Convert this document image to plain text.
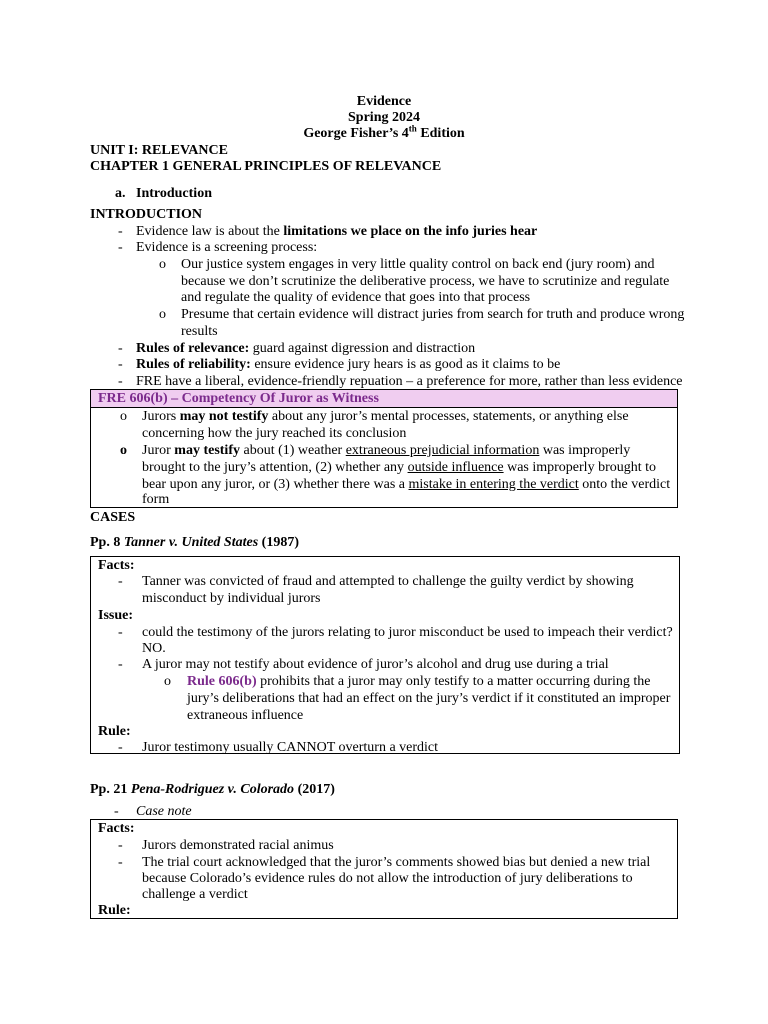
Evidence
Spring 2024
George Fisher’s 4th Edition
UNIT I: RELEVANCE
CHAPTER 1 GENERAL PRINCIPLES OF RELEVANCE
a. Introduction
INTRODUCTION
- Evidence law is about the limitations we place on the info juries hear
- Evidence is a screening process:
o Our justice system engages in very little quality control on back end (jury room) and
because we don’t scrutinize the deliberative process, we have to scrutinize and regulate
and regulate the quality of evidence that goes into that process
o Presume that certain evidence will distract juries from search for truth and produce wrong
results
- Rules of relevance: guard against digression and distraction
- Rules of reliability: ensure evidence jury hears is as good as it claims to be
- FRE have a liberal, evidence-friendly repuation – a preference for more, rather than less evidence
FRE 606(b) – Competency Of Juror as Witness
o Jurors may not testify about any juror’s mental processes, statements, or anything else
concerning how the jury reached its conclusion
o Juror may testify about (1) weather extraneous prejudicial information was improperly
brought to the jury’s attention, (2) whether any outside influence was improperly brought to
bear upon any juror, or (3) whether there was a mistake in entering the verdict onto the verdict
form
CASES
Pp. 8 Tanner v. United States (1987)
Facts:
- Tanner was convicted of fraud and attempted to challenge the guilty verdict by showing
misconduct by individual jurors
Issue:
- could the testimony of the jurors relating to juror misconduct be used to impeach their verdict?
NO.
- A juror may not testify about evidence of juror’s alcohol and drug use during a trial
o Rule 606(b) prohibits that a juror may only testify to a matter occurring during the
jury’s deliberations that had an effect on the jury’s verdict if it constituted an improper
extraneous influence
Rule:
- Juror testimony usually CANNOT overturn a verdict
Pp. 21 Pena-Rodriguez v. Colorado (2017)
- Case note
Facts:
- Jurors demonstrated racial animus
- The trial court acknowledged that the juror’s comments showed bias but denied a new trial
because Colorado’s evidence rules do not allow the introduction of jury deliberations to
challenge a verdict
Rule:
